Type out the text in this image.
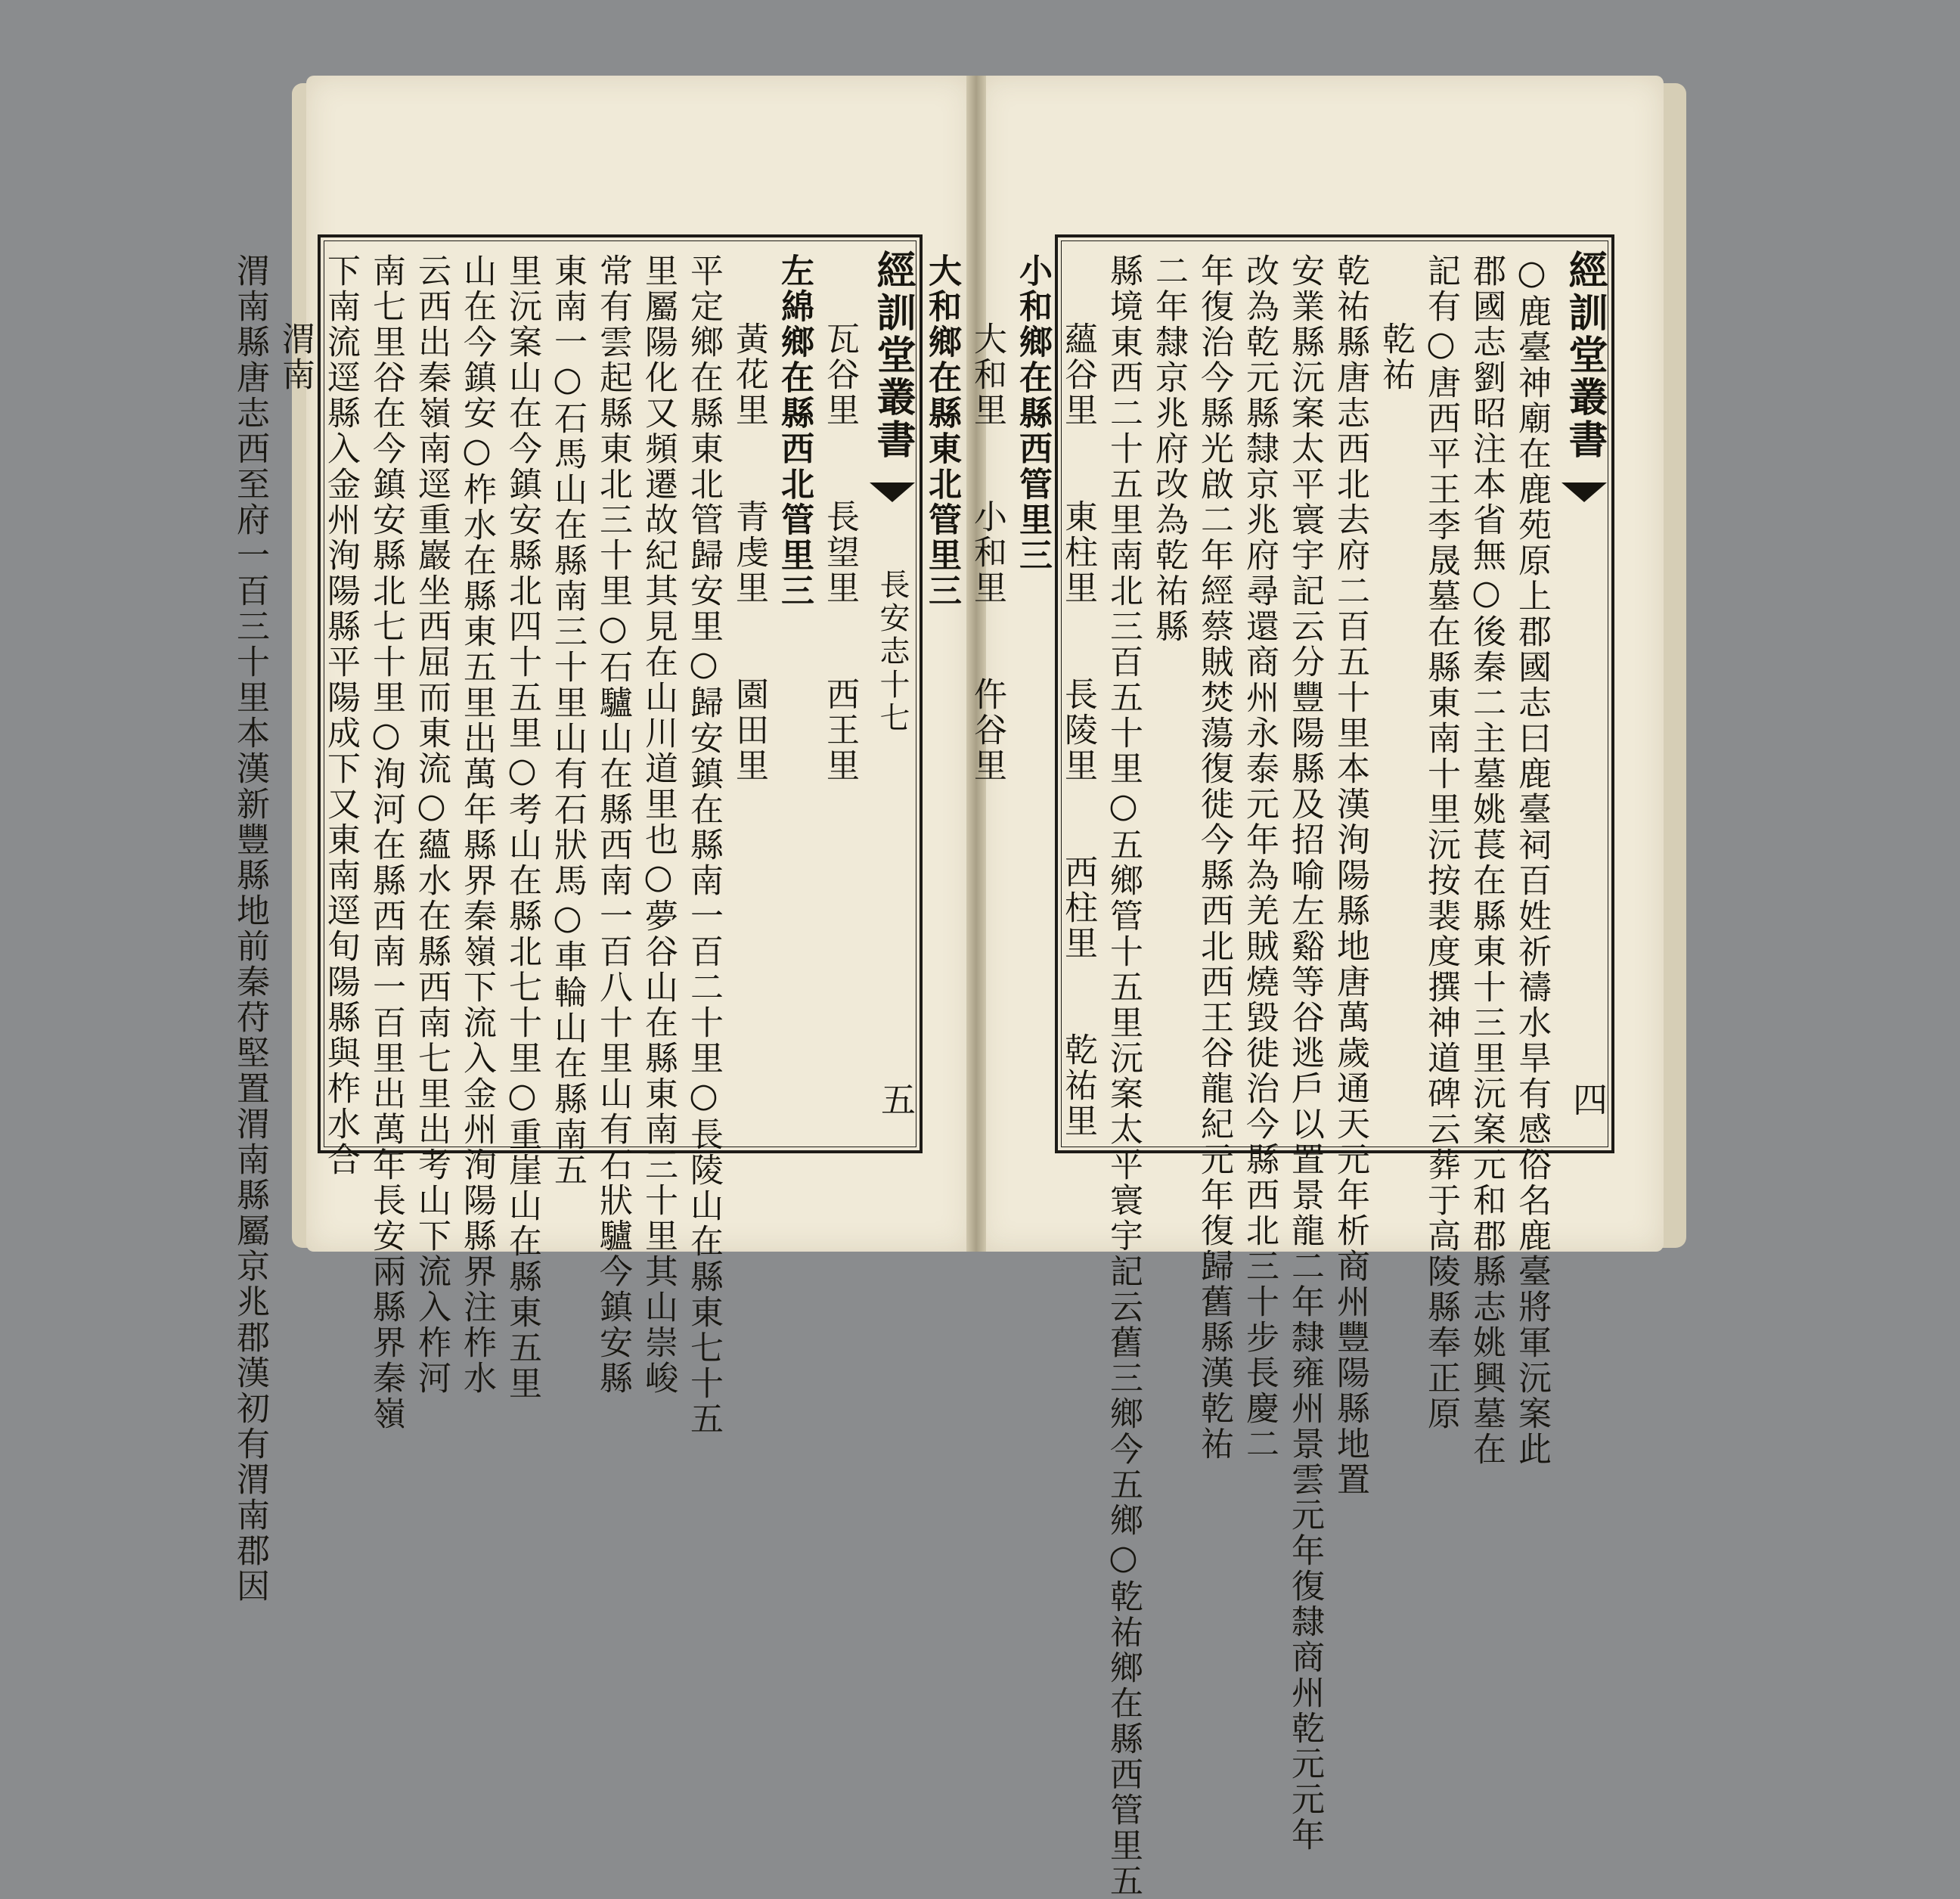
瓦谷里　　長望里　　西王里
左綿鄉在縣西北管里三
黃花里　　青虔里　　園田里
平定鄉在縣東北管歸安里○歸安鎮在縣南一百二十里○長陵山在縣東七十五
里屬陽化又頻遷故紀其見在山川道里也○夢谷山在縣東南三十里其山崇峻
常有雲起縣東北三十里○石驢山在縣西南一百八十里山有石狀驢今鎮安縣
東南一○石馬山在縣南三十里山有石狀馬○車輪山在縣南五
里沅案山在今鎮安縣北四十五里○考山在縣北七十里○重崖山在縣東五里
山在今鎮安○柞水在縣東五里出萬年縣界秦嶺下流入金州洵陽縣界注柞水
云西出秦嶺南逕重巖坐西屈而東流○蘊水在縣西南七里出考山下流入柞河
南七里谷在今鎮安縣北七十里○洵河在縣西南一百里出萬年長安兩縣界秦嶺
下南流逕縣入金州洵陽縣平陽成下又東南逕旬陽縣與柞水合
渭南
渭南縣唐志西至府一百三十里本漢新豐縣地前秦苻堅置渭南縣屬京兆郡漢初有渭南郡因	經訓堂叢書  長安志十七
五	○鹿臺神廟在鹿苑原上郡國志曰鹿臺祠百姓祈禱水旱有感俗名鹿臺將軍沅案此
郡國志劉昭注本省無○後秦二主墓姚萇在縣東十三里沅案元和郡縣志姚興墓在
記有○唐西平王李晟墓在縣東南十里沅按裴度撰神道碑云葬于高陵縣奉正原
乾祐
乾祐縣唐志西北去府二百五十里本漢洵陽縣地唐萬歲通天元年析商州豐陽縣地置
安業縣沅案太平寰宇記云分豐陽縣及招喻左谿等谷逃戶以置景龍二年隸雍州景雲元年復隸商州乾元元年
改為乾元縣隸京兆府尋還商州永泰元年為羌賊燒毀徙治今縣西北三十步長慶二
年復治今縣光啟二年經蔡賊焚蕩復徙今縣西北西王谷龍紀元年復歸舊縣漢乾祐
二年隸京兆府改為乾祐縣
縣境東西二十五里南北三百五十里○五鄉管十五里沅案太平寰宇記云舊三鄉今五鄉○乾祐鄉在縣西管里五
蘊谷里　　東柱里　　長陵里　　西柱里　　乾祐里
小和鄉在縣西管里三
大和里　　小和里　　仵谷里
大和鄉在縣東北管里三	經訓堂叢書
四
